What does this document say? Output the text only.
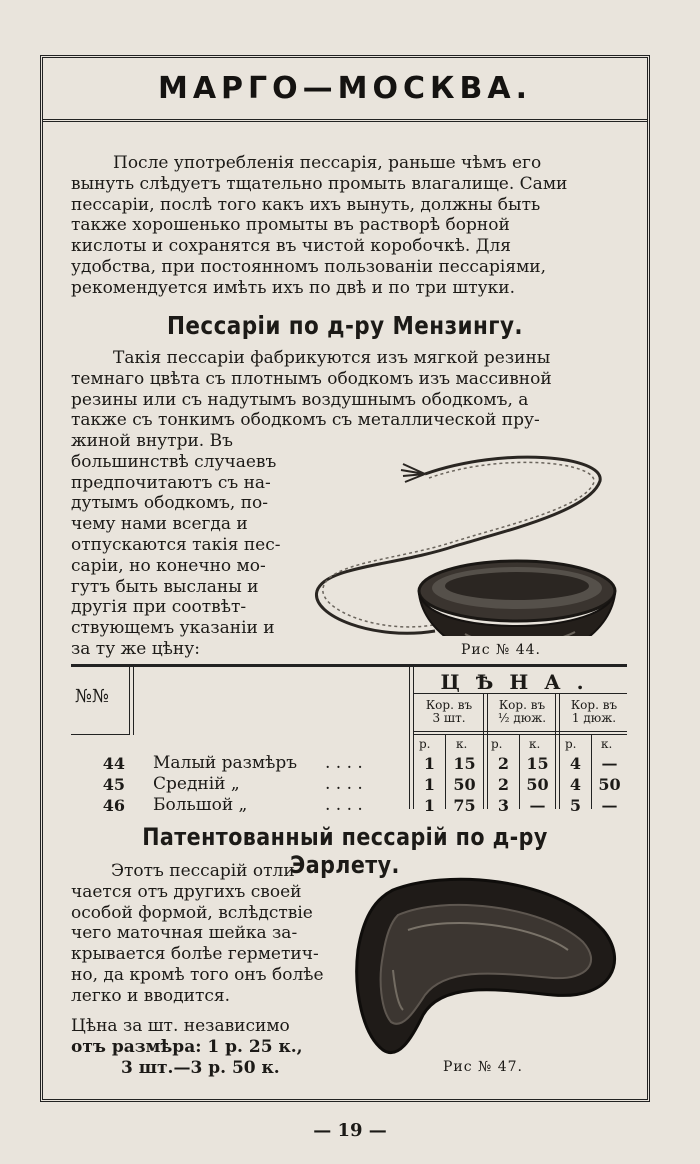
МАРГО—МОСКВА.
После употребленія пессарія, раньше чѣмъ его
вынуть слѣдуетъ тщательно промыть влагалище. Сами
пессаріи, послѣ того какъ ихъ вынуть, должны быть
также хорошенько промыты въ растворѣ борной
кислоты и сохранятся въ чистой коробочкѣ. Для
удобства, при постоянномъ пользованіи пессаріями,
рекомендуется имѣть ихъ по двѣ и по три штуки.
Пессаріи по д-ру Мензингу.
Такія пессаріи фабрикуются изъ мягкой резины
темнаго цвѣта съ плотнымъ ободкомъ изъ массивной
резины или съ надутымъ воздушнымъ ободкомъ, а
также съ тонкимъ ободкомъ съ металлической пру-
жиной внутри. Въ
большинствѣ случаевъ
предпочитаютъ съ на-
дутымъ ободкомъ, по-
чему нами всегда и
отпускаются такія пес-
саріи, но конечно мо-
гутъ быть высланы и
другія при соотвѣт-
ствующемъ указаніи и
за ту же цѣну:	Рис № 44.
№№
ЦѢНА.
Кор. въ
3 шт.
Кор. въ
½ дюж.
Кор. въ
1 дюж.
р. к. р. к. р. к.
44 Малый размѣръ . . . .	1	15	2	15	4	—
45 Средній „	. . . .	1	50	2	50	4	50
46 Большой „	. . . .	1	75	3	—	5	—
Патентованный пессарій по д-ру Эарлету.
Этотъ пессарій отли-
чается отъ другихъ своей
особой формой, вслѣдствіе
чего маточная шейка за-
крывается болѣе герметич-
но, да кромѣ того онъ болѣе
легко и вводится.
Цѣна за шт. независимо
отъ размѣра: 1 р. 25 к.,
3 шт.—3 р. 50 к.	Рис № 47.
— 19 —
